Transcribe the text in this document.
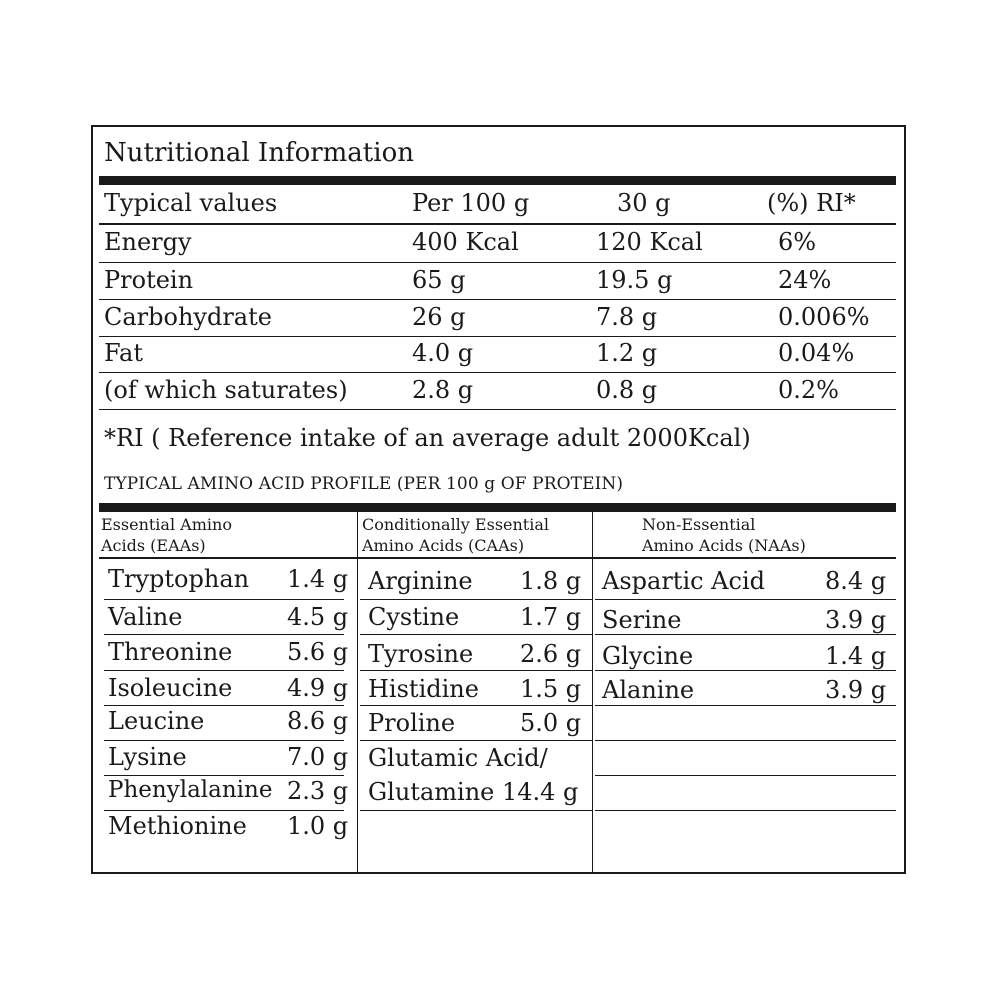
Nutritional Information
Typical values	Per 100 g	30 g	(%) RI*
Energy	400 Kcal	120 Kcal	6%
Protein	65 g	19.5 g	24%
Carbohydrate	26 g	7.8 g	0.006%
Fat	4.0 g	1.2 g	0.04%
(of which saturates)	2.8 g	0.8 g	0.2%
*RI ( Reference intake of an average adult 2000Kcal)
TYPICAL AMINO ACID PROFILE (PER 100 g OF PROTEIN)
Essential Amino
Acids (EAAs)
Conditionally Essential
Amino Acids (CAAs)
Non-Essential
Amino Acids (NAAs)
Tryptophan 1.4 g
Valine	4.5 g
Threonine 5.6 g
Isoleucine 4.9 g
Leucine	8.6 g
Lysine	7.0 g
Phenylalanine 2.3 g
Methionine 1.0 g
Arginine 1.8 g
Cystine	1.7 g
Tyrosine 2.6 g
Histidine 1.5 g
Proline	5.0 g
Glutamic Acid/
Glutamine 14.4 g
Aspartic Acid	8.4 g
Serine	3.9 g
Glycine	1.4 g
Alanine	3.9 g
